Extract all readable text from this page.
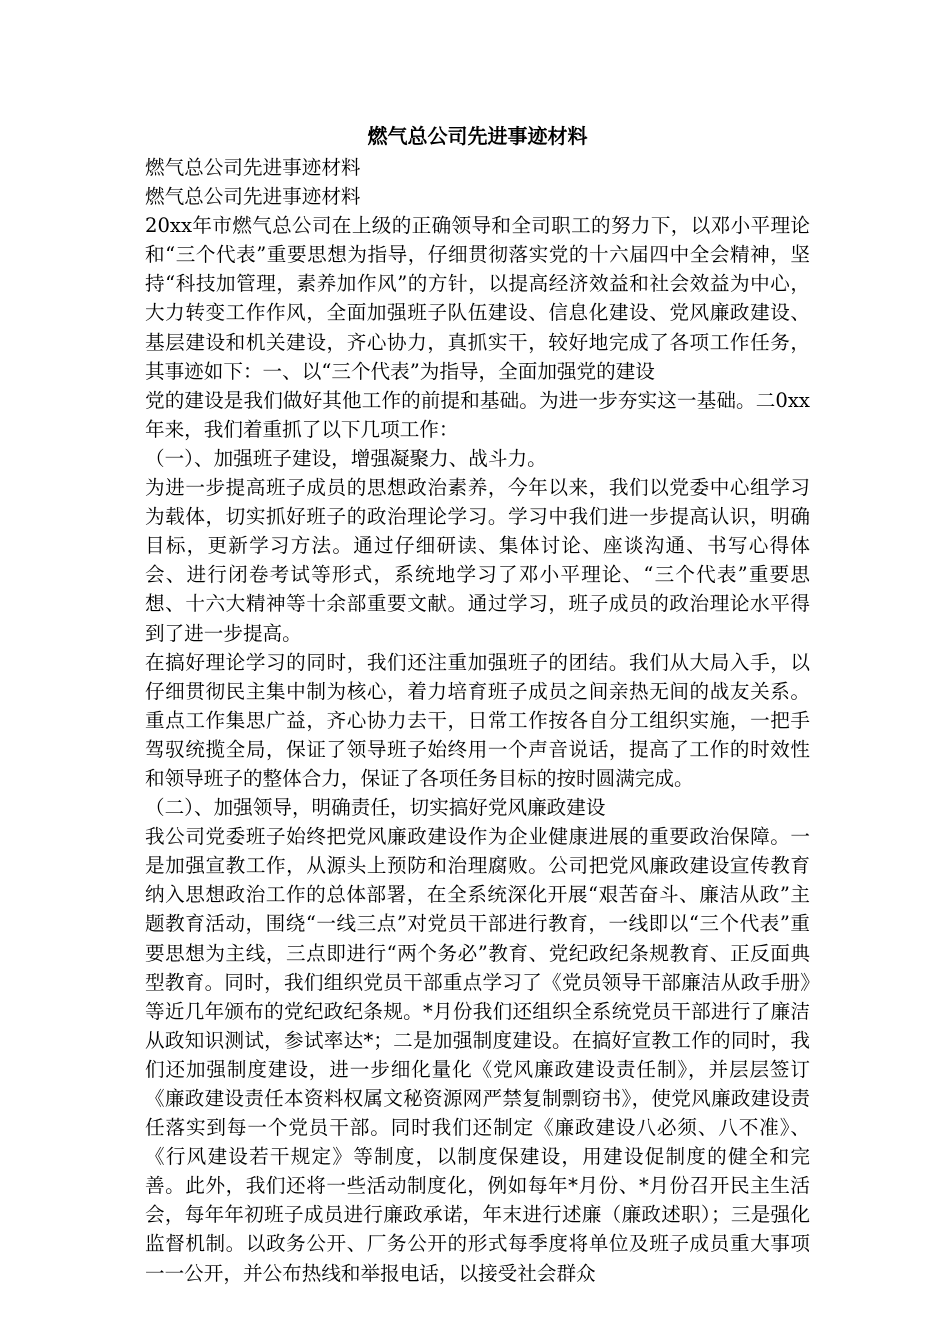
燃气总公司先进事迹材料

燃气总公司先进事迹材料

燃气总公司先进事迹材料

20xx年市燃气总公司在上级的正确领导和全司职工的努力下，以邓小平理论和“三个代表”重要思想为指导，仔细贯彻落实党的十六届四中全会精神，坚持“科技加管理，素养加作风”的方针，以提高经济效益和社会效益为中心，大力转变工作作风，全面加强班子队伍建设、信息化建设、党风廉政建设、基层建设和机关建设，齐心协力，真抓实干，较好地完成了各项工作任务，其事迹如下：一、以“三个代表”为指导，全面加强党的建设

党的建设是我们做好其他工作的前提和基础。为进一步夯实这一基础。二0xx年来，我们着重抓了以下几项工作：

（一）、加强班子建设，增强凝聚力、战斗力。

为进一步提高班子成员的思想政治素养，今年以来，我们以党委中心组学习为载体，切实抓好班子的政治理论学习。学习中我们进一步提高认识，明确目标，更新学习方法。通过仔细研读、集体讨论、座谈沟通、书写心得体会、进行闭卷考试等形式，系统地学习了邓小平理论、“三个代表”重要思想、十六大精神等十余部重要文献。通过学习，班子成员的政治理论水平得到了进一步提高。

在搞好理论学习的同时，我们还注重加强班子的团结。我们从大局入手，以仔细贯彻民主集中制为核心，着力培育班子成员之间亲热无间的战友关系。重点工作集思广益，齐心协力去干，日常工作按各自分工组织实施，一把手驾驭统揽全局，保证了领导班子始终用一个声音说话，提高了工作的时效性和领导班子的整体合力，保证了各项任务目标的按时圆满完成。

（二）、加强领导，明确责任，切实搞好党风廉政建设

我公司党委班子始终把党风廉政建设作为企业健康进展的重要政治保障。一是加强宣教工作，从源头上预防和治理腐败。公司把党风廉政建设宣传教育纳入思想政治工作的总体部署，在全系统深化开展“艰苦奋斗、廉洁从政”主题教育活动，围绕“一线三点”对党员干部进行教育，一线即以“三个代表”重要思想为主线，三点即进行“两个务必”教育、党纪政纪条规教育、正反面典型教育。同时，我们组织党员干部重点学习了《党员领导干部廉洁从政手册》等近几年颁布的党纪政纪条规。*月份我们还组织全系统党员干部进行了廉洁从政知识测试，参试率达*；二是加强制度建设。在搞好宣教工作的同时，我们还加强制度建设，进一步细化量化《党风廉政建设责任制》，并层层签订《廉政建设责任本资料权属文秘资源网严禁复制剽窃书》，使党风廉政建设责任落实到每一个党员干部。同时我们还制定《廉政建设八必须、八不准》、《行风建设若干规定》等制度，以制度保建设，用建设促制度的健全和完善。此外，我们还将一些活动制度化，例如每年*月份、*月份召开民主生活会，每年年初班子成员进行廉政承诺，年末进行述廉（廉政述职）；三是强化监督机制。以政务公开、厂务公开的形式每季度将单位及班子成员重大事项一一公开，并公布热线和举报电话，以接受社会群众
